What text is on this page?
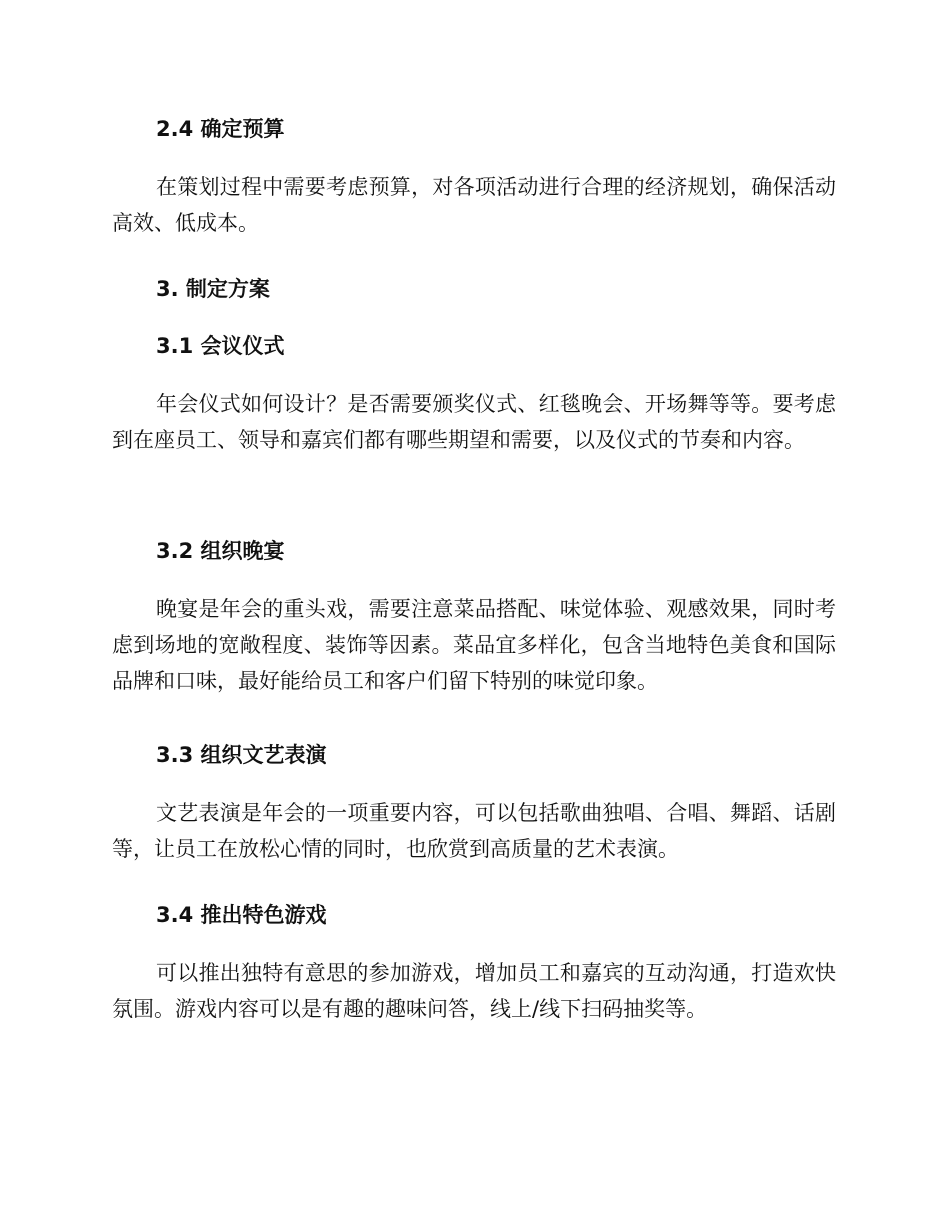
2.4 确定预算
在策划过程中需要考虑预算，对各项活动进行合理的经济规划，确保活动高效、低成本。
3. 制定方案
3.1 会议仪式
年会仪式如何设计？是否需要颁奖仪式、红毯晚会、开场舞等等。要考虑到在座员工、领导和嘉宾们都有哪些期望和需要，以及仪式的节奏和内容。
3.2 组织晚宴
晚宴是年会的重头戏，需要注意菜品搭配、味觉体验、观感效果，同时考虑到场地的宽敞程度、装饰等因素。菜品宜多样化，包含当地特色美食和国际品牌和口味，最好能给员工和客户们留下特别的味觉印象。
3.3 组织文艺表演
文艺表演是年会的一项重要内容，可以包括歌曲独唱、合唱、舞蹈、话剧等，让员工在放松心情的同时，也欣赏到高质量的艺术表演。
3.4 推出特色游戏
可以推出独特有意思的参加游戏，增加员工和嘉宾的互动沟通，打造欢快氛围。游戏内容可以是有趣的趣味问答，线上/线下扫码抽奖等。
